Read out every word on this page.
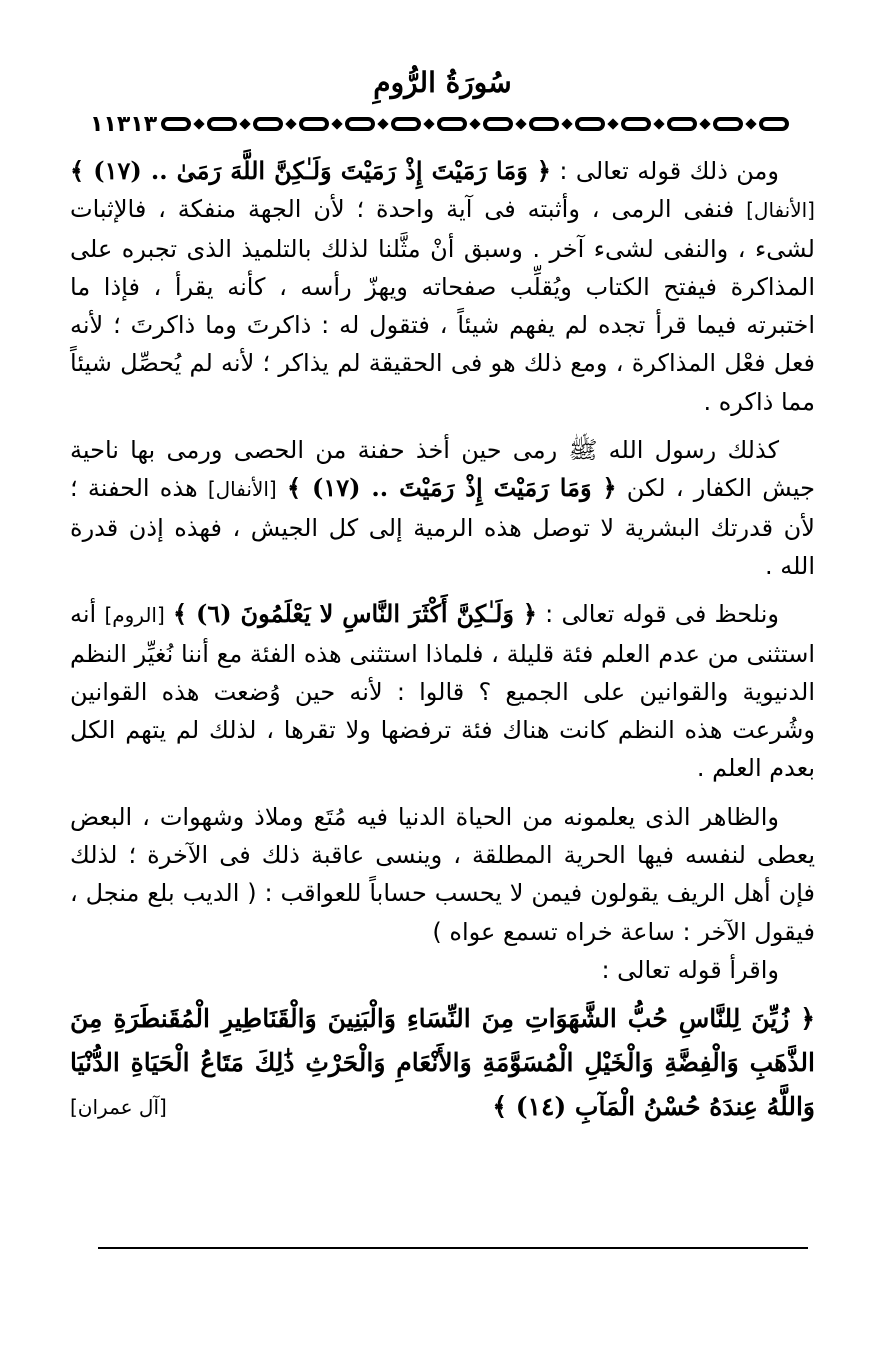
سُورَةُ الرُّومِ
١١٣١٣

ومن ذلك قوله تعالى : ﴿ وَمَا رَمَيْتَ إِذْ رَمَيْتَ وَلَـٰكِنَّ اللَّهَ رَمَىٰ .. (١٧) ﴾ [الأنفال] فنفى الرمى ، وأثبته فى آية واحدة ؛ لأن الجهة منفكة ، فالإثبات لشىء ، والنفى لشىء آخر . وسبق أنْ مثَّلنا لذلك بالتلميذ الذى تجبره على المذاكرة فيفتح الكتاب ويُقلِّب صفحاته ويهزّ رأسه ، كأنه يقرأ ، فإذا ما اختبرته فيما قرأ تجده لم يفهم شيئاً ، فتقول له : ذاكرتَ وما ذاكرتَ ؛ لأنه فعل فعْل المذاكرة ، ومع ذلك هو فى الحقيقة لم يذاكر ؛ لأنه لم يُحصِّل شيئاً مما ذاكره .

كذلك رسول الله ﷺ رمى حين أخذ حفنة من الحصى ورمى بها ناحية جيش الكفار ، لكن ﴿ وَمَا رَمَيْتَ إِذْ رَمَيْتَ .. (١٧) ﴾ [الأنفال] هذه الحفنة ؛ لأن قدرتك البشرية لا توصل هذه الرمية إلى كل الجيش ، فهذه إذن قدرة الله .

ونلحظ فى قوله تعالى : ﴿ وَلَـٰكِنَّ أَكْثَرَ النَّاسِ لا يَعْلَمُونَ (٦) ﴾ [الروم] أنه استثنى من عدم العلم فئة قليلة ، فلماذا استثنى هذه الفئة مع أننا نُغيِّر النظم الدنيوية والقوانين على الجميع ؟ قالوا : لأنه حين وُضعت هذه القوانين وشُرعت هذه النظم كانت هناك فئة ترفضها ولا تقرها ، لذلك لم يتهم الكل بعدم العلم .

والظاهر الذى يعلمونه من الحياة الدنيا فيه مُتَع وملاذ وشهوات ، البعض يعطى لنفسه فيها الحرية المطلقة ، وينسى عاقبة ذلك فى الآخرة ؛ لذلك فإن أهل الريف يقولون فيمن لا يحسب حساباً للعواقب : ( الديب بلع منجل ، فيقول الآخر : ساعة خراه تسمع عواه )

واقرأ قوله تعالى :

﴿ زُيِّنَ لِلنَّاسِ حُبُّ الشَّهَوَاتِ مِنَ النِّسَاءِ وَالْبَنِينَ وَالْقَنَاطِيرِ الْمُقَنطَرَةِ مِنَ الذَّهَبِ وَالْفِضَّةِ وَالْخَيْلِ الْمُسَوَّمَةِ وَالأَنْعَامِ وَالْحَرْثِ ذَٰلِكَ مَتَاعُ الْحَيَاةِ الدُّنْيَا وَاللَّهُ عِندَهُ حُسْنُ الْمَآبِ (١٤) ﴾
[آل عمران]
